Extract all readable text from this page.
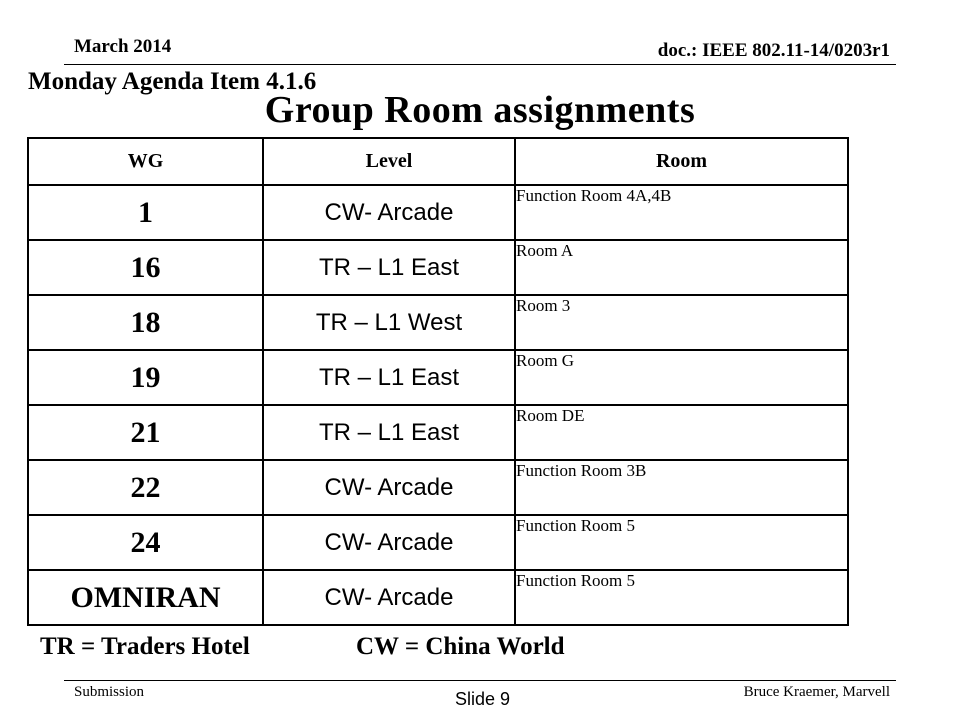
March 2014	doc.: IEEE 802.11-14/0203r1
Monday Agenda Item 4.1.6
Group Room assignments
WG	Level	Room
1	CW- Arcade	Function Room 4A,4B
16	TR – L1 East	Room A
18	TR – L1 West	Room 3
19	TR – L1 East	Room G
21	TR – L1 East	Room DE
22	CW- Arcade	Function Room 3B
24	CW- Arcade	Function Room 5
OMNIRAN	CW- Arcade	Function Room 5
TR = Traders Hotel	CW = China World
Submission	Slide 9	Bruce Kraemer, Marvell
